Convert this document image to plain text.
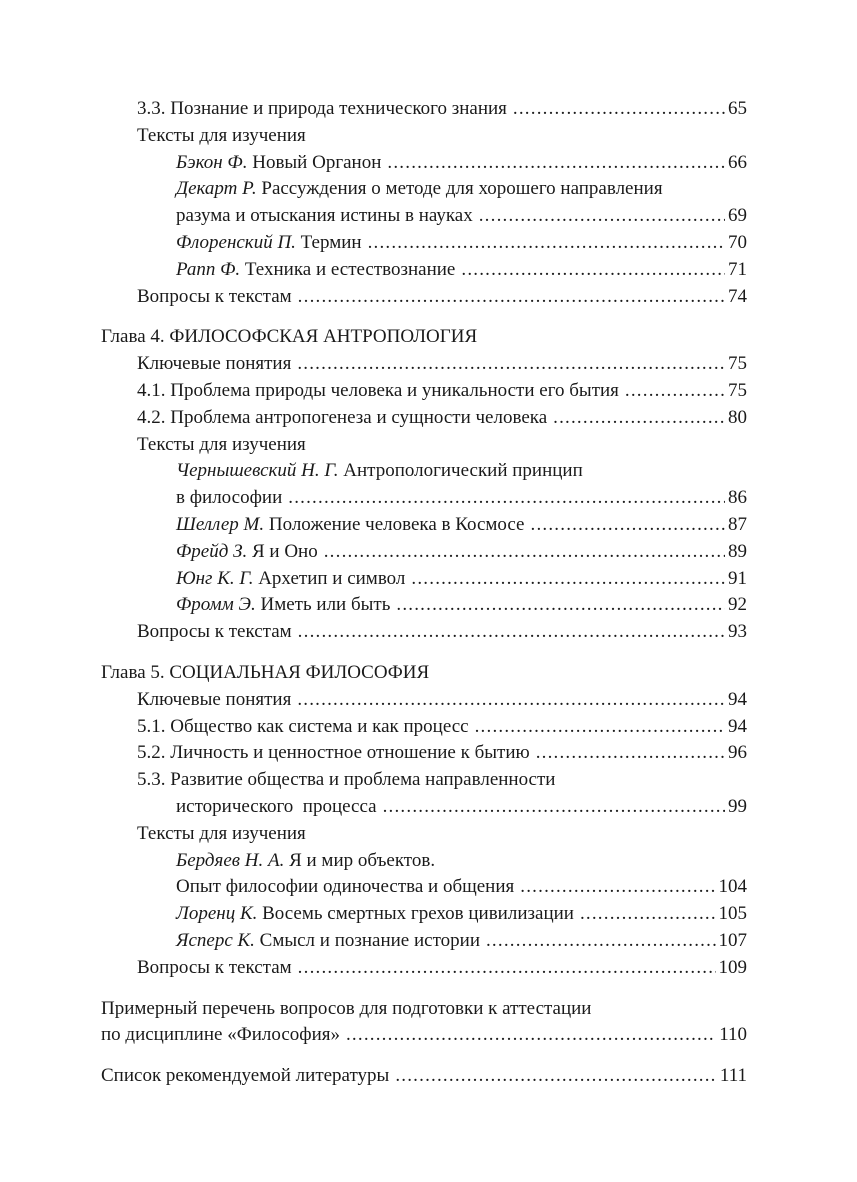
3.3. Познание и природа технического знания .....	65
Тексты для изучения
Бэкон Ф. Новый Органон .....	66
Декарт Р. Рассуждения о методе для хорошего направления
разума и отыскания истины в науках .....	69
Флоренский П. Термин .....	70
Рапп Ф. Техника и естествознание .....	71
Вопросы к текстам .....	74
Глава 4. ФИЛОСОФСКАЯ АНТРОПОЛОГИЯ
Ключевые понятия .....	75
4.1. Проблема природы человека и уникальности его бытия .....	75
4.2. Проблема антропогенеза и сущности человека .....	80
Тексты для изучения
Чернышевский Н. Г. Антропологический принцип
в философии .....	86
Шеллер М. Положение человека в Космосе .....	87
Фрейд З. Я и Оно .....	89
Юнг К. Г. Архетип и символ .....	91
Фромм Э. Иметь или быть .....	92
Вопросы к текстам .....	93
Глава 5. СОЦИАЛЬНАЯ ФИЛОСОФИЯ
Ключевые понятия .....	94
5.1. Общество как система и как процесс .....	94
5.2. Личность и ценностное отношение к бытию .....	96
5.3. Развитие общества и проблема направленности
исторического  процесса .....	99
Тексты для изучения
Бердяев Н. А. Я и мир объектов.
Опыт философии одиночества и общения .....	104
Лоренц К. Восемь смертных грехов цивилизации .....	105
Ясперс К. Смысл и познание истории .....	107
Вопросы к текстам .....	109
Примерный перечень вопросов для подготовки к аттестации
по дисциплине «Философия» .....	110
Список рекомендуемой литературы .....	111
